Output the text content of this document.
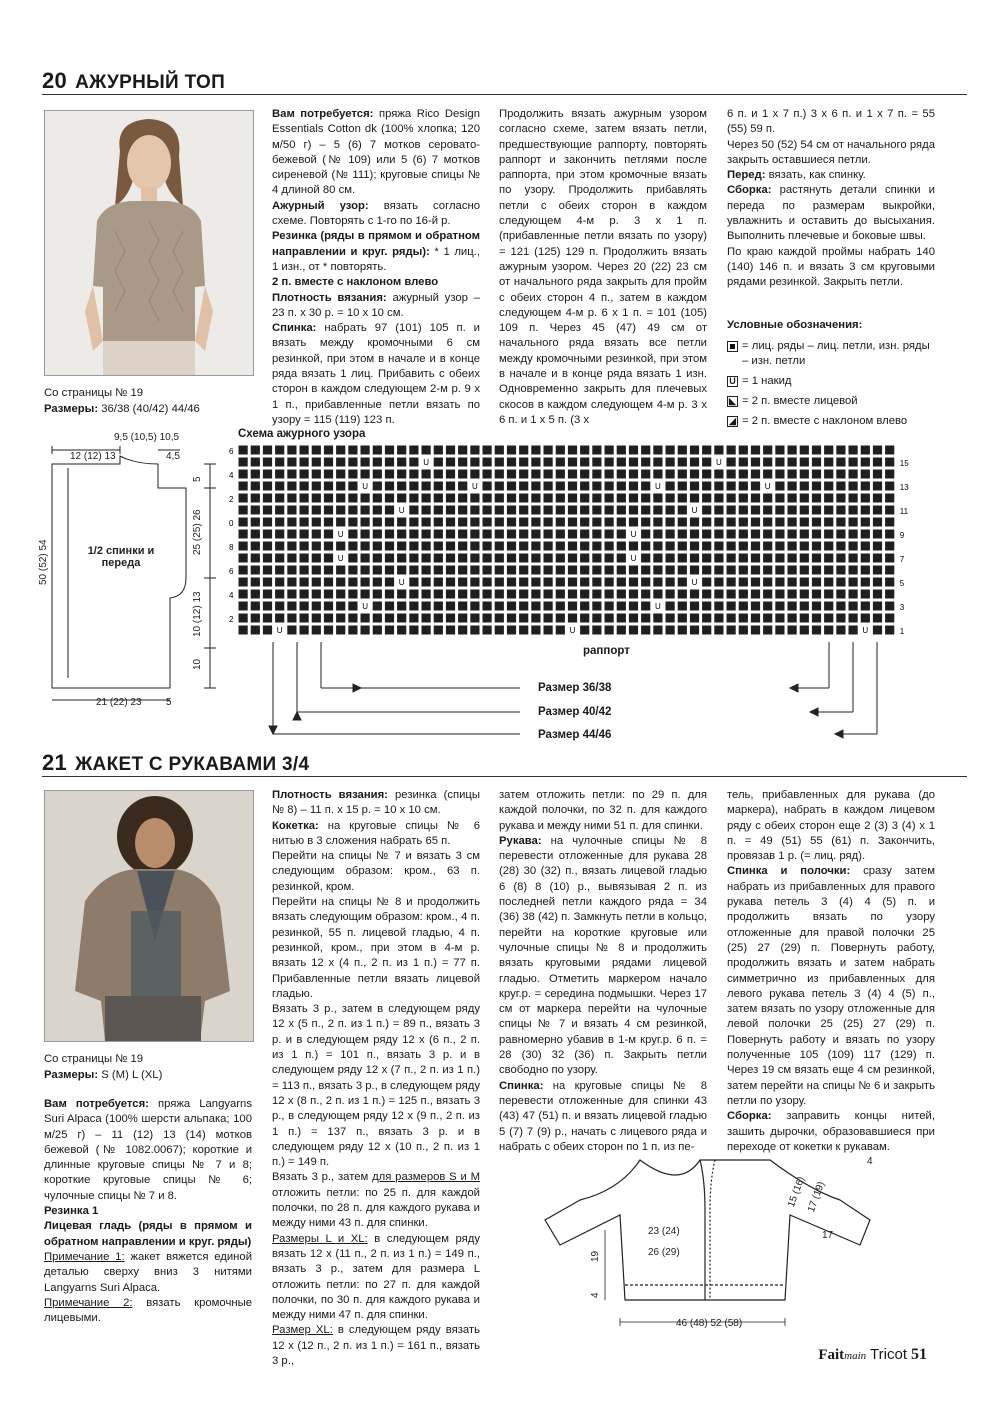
20 АЖУРНЫЙ ТОП
Со страницы № 19
Размеры: 36/38 (40/42) 44/46

Вам потребуется: пряжа Rico Design Essentials Cotton dk (100% хлопка; 120 м/50 г) – 5 (6) 7 мотков серовато-бежевой (№ 109) или 5 (6) 7 мотков сиреневой (№ 111); круговые спицы № 4 длиной 80 см.

Ажурный узор: вязать согласно схеме. Повторять с 1-го по 16-й р.

Резинка (ряды в прямом и обратном направлении и круг. ряды): * 1 лиц., 1 изн., от * повторять.

2 п. вместе с наклоном влево

Плотность вязания: ажурный узор – 23 п. x 30 р. = 10 x 10 см.

Спинка: набрать 97 (101) 105 п. и вязать между кромочными 6 см резинкой, при этом в начале и в конце ряда вязать 1 лиц. Прибавить с обеих сторон в каждом следующем 2-м р. 9 x 1 п., прибавленные петли вязать по узору = 115 (119) 123 п.

Продолжить вязать ажурным узором согласно схеме, затем вязать петли, предшествующие раппорту, повторять раппорт и закончить петлями после раппорта, при этом кромочные вязать по узору. Продолжить прибавлять петли с обеих сторон в каждом следующем 4-м р. 3 x 1 п. (прибавленные петли вязать по узору) = 121 (125) 129 п. Продолжить вязать ажурным узором. Через 20 (22) 23 см от начального ряда закрыть для пройм с обеих сторон 4 п., затем в каждом следующем 4-м р. 6 x 1 п. = 101 (105) 109 п. Через 45 (47) 49 см от начального ряда вязать все петли между кромочными резинкой, при этом в начале и в конце ряда вязать 1 изн. Одновременно закрыть для плечевых скосов в каждом следующем 4-м р. 3 x 6 п. и 1 x 5 п. (3 x

6 п. и 1 x 7 п.) 3 x 6 п. и 1 x 7 п. = 55 (55) 59 п.

Через 50 (52) 54 см от начального ряда закрыть оставшиеся петли.

Перед: вязать, как спинку.

Сборка: растянуть детали спинки и переда по размерам выкройки, увлажнить и оставить до высыхания. Выполнить плечевые и боковые швы.

По краю каждой проймы набрать 140 (140) 146 п. и вязать 3 см круговыми рядами резинкой. Закрыть петли.

Условные обозначения:
= лиц. ряды – лиц. петли, изн. ряды – изн. петли
U = 1 накид
◣ = 2 п. вместе лицевой
◢ = 2 п. вместе с наклоном влево
9,5 (10,5) 10,5
12 (12) 13	4,5
1/2 спинки и переда
50 (52) 54
5
25 (25) 26
10 (12) 13
10
21 (22) 23 5
Схема ажурного узора
U	U
U	U	U	U
U	U
U	U
U	U
U	U
U	U
U	U	U
6
4
2
0
8
6
4
2
15
13
11
9
7
5
3
1
раппорт
Размер 36/38
Размер 40/42
Размер 44/46
21 ЖАКЕТ С РУКАВАМИ 3/4
Со страницы № 19
Размеры: S (M) L (XL)

Вам потребуется: пряжа Langyarns Suri Alpaca (100% шерсти альпака; 100 м/25 г) – 11 (12) 13 (14) мотков бежевой (№ 1082.0067); короткие и длинные круговые спицы № 7 и 8; короткие круговые спицы № 6; чулочные спицы № 7 и 8.

Резинка 1

Лицевая гладь (ряды в прямом и обратном направлении и круг. ряды)

Примечание 1: жакет вяжется единой деталью сверху вниз 3 нитями Langyarns Suri Alpaca.

Примечание 2: вязать кромочные лицевыми.

Плотность вязания: резинка (спицы № 8) – 11 п. x 15 р. = 10 x 10 см.

Кокетка: на круговые спицы № 6 нитью в 3 сложения набрать 65 п.

Перейти на спицы № 7 и вязать 3 см следующим образом: кром., 63 п. резинкой, кром.

Перейти на спицы № 8 и продолжить вязать следующим образом: кром., 4 п. резинкой, 55 п. лицевой гладью, 4 п. резинкой, кром., при этом в 4-м р. вязать 12 x (4 п., 2 п. из 1 п.) = 77 п. Прибавленные петли вязать лицевой гладью.

Вязать 3 р., затем в следующем ряду 12 x (5 п., 2 п. из 1 п.) = 89 п., вязать 3 р. и в следующем ряду 12 x (6 п., 2 п. из 1 п.) = 101 п., вязать 3 р. и в следующем ряду 12 x (7 п., 2 п. из 1 п.) = 113 п., вязать 3 р., в следующем ряду 12 x (8 п., 2 п. из 1 п.) = 125 п., вязать 3 р., в следующем ряду 12 x (9 п., 2 п. из 1 п.) = 137 п., вязать 3 р. и в следующем ряду 12 x (10 п., 2 п. из 1 п.) = 149 п.

Вязать 3 р., затем для размеров S и M отложить петли: по 25 п. для каждой полочки, по 28 п. для каждого рукава и между ними 43 п. для спинки.

Размеры L и XL: в следующем ряду вязать 12 x (11 п., 2 п. из 1 п.) = 149 п., вязать 3 р., затем для размера L отложить петли: по 27 п. для каждой полочки, по 30 п. для каждого рукава и между ними 47 п. для спинки.

Размер XL: в следующем ряду вязать 12 x (12 п., 2 п. из 1 п.) = 161 п., вязать 3 р.,

затем отложить петли: по 29 п. для каждой полочки, по 32 п. для каждого рукава и между ними 51 п. для спинки.

Рукава: на чулочные спицы № 8 перевести отложенные для рукава 28 (28) 30 (32) п., вязать лицевой гладью 6 (8) 8 (10) р., вывязывая 2 п. из последней петли каждого ряда = 34 (36) 38 (42) п. Замкнуть петли в кольцо, перейти на короткие круговые или чулочные спицы № 8 и продолжить вязать круговыми рядами лицевой гладью. Отметить маркером начало круг.р. = середина подмышки. Через 17 см от маркера перейти на чулочные спицы № 7 и вязать 4 см резинкой, равномерно убавив в 1-м круг.р. 6 п. = 28 (30) 32 (36) п. Закрыть петли свободно по узору.

Спинка: на круговые спицы № 8 перевести отложенные для спинки 43 (43) 47 (51) п. и вязать лицевой гладью 5 (7) 7 (9) р., начать с лицевого ряда и набрать с обеих сторон по 1 п. из пе-

тель, прибавленных для рукава (до маркера), набрать в каждом лицевом ряду с обеих сторон еще 2 (3) 3 (4) x 1 п. = 49 (51) 55 (61) п. Закончить, провязав 1 р. (= лиц. ряд).

Спинка и полочки: сразу затем набрать из прибавленных для правого рукава петель 3 (4) 4 (5) п. и продолжить вязать по узору отложенные для правой полочки 25 (25) 27 (29) п. Повернуть работу, продолжить вязать и затем набрать симметрично из прибавленных для левого рукава петель 3 (4) 4 (5) п., затем вязать по узору отложенные для левой полочки 25 (25) 27 (29) п. Повернуть работу и вязать по узору полученные 105 (109) 117 (129) п. Через 19 см вязать еще 4 см резинкой, затем перейти на спицы № 6 и закрыть петли по узору.

Сборка: заправить концы нитей, зашить дырочки, образовавшиеся при переходе от кокетки к рукавам.

4
15 (16)
17 (19)
17
23 (24)
26 (29)
19
4
46 (48) 52 (58)
Faitmain Tricot 51
